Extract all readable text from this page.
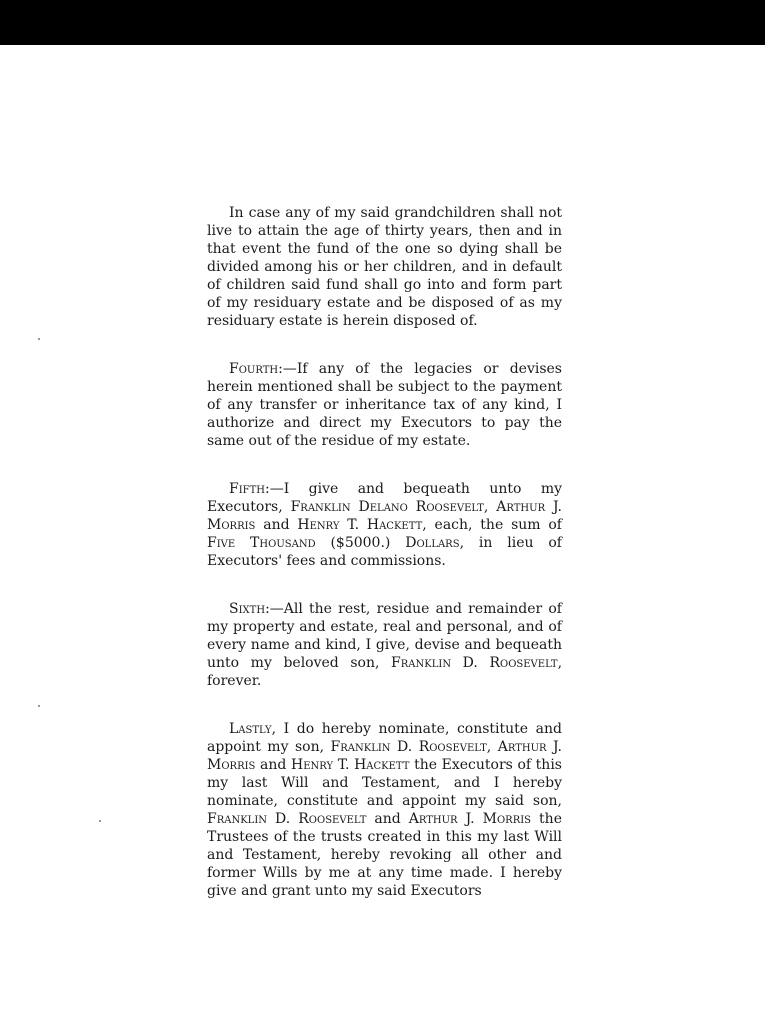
In case any of my said grandchildren shall not live to attain the age of thirty years, then and in that event the fund of the one so dying shall be divided among his or her children, and in default of children said fund shall go into and form part of my residuary estate and be disposed of as my residuary estate is herein disposed of.

Fourth:—If any of the legacies or devises herein mentioned shall be subject to the payment of any transfer or inheritance tax of any kind, I authorize and direct my Executors to pay the same out of the residue of my estate.

Fifth:—I give and bequeath unto my Executors, Franklin Delano Roosevelt, Arthur J. Morris and Henry T. Hackett, each, the sum of Five Thousand ($5000.) Dollars, in lieu of Executors' fees and commissions.

Sixth:—All the rest, residue and remainder of my property and estate, real and personal, and of every name and kind, I give, devise and bequeath unto my beloved son, Franklin D. Roosevelt, forever.

Lastly, I do hereby nominate, constitute and appoint my son, Franklin D. Roosevelt, Arthur J. Morris and Henry T. Hackett the Executors of this my last Will and Testament, and I hereby nominate, constitute and appoint my said son, Franklin D. Roosevelt and Arthur J. Morris the Trustees of the trusts created in this my last Will and Testament, hereby revoking all other and former Wills by me at any time made. I hereby give and grant unto my said Executors
